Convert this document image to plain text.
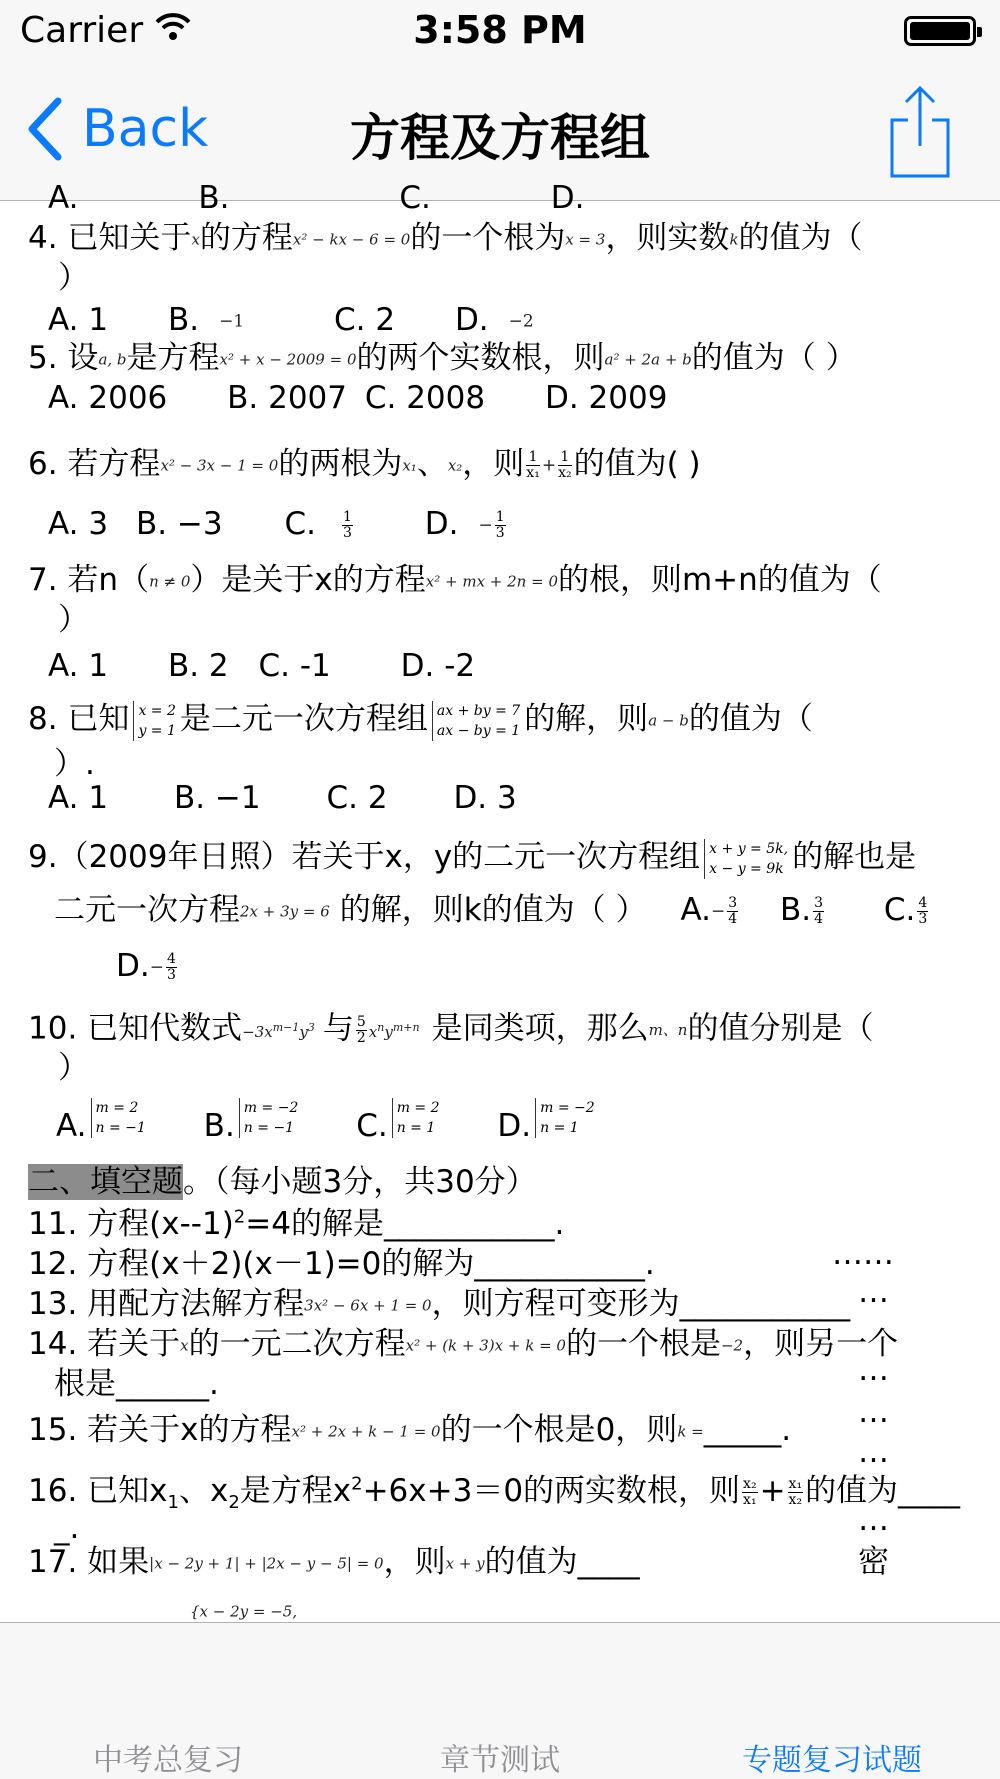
Carrier	3:58 PM
Back	方程及方程组
A.	B.	C.	D.
4. 已知关于x的方程x² − kx − 6 = 0的一个根为x = 3，则实数k的值为（
）
A. 1 B. −1	C. 2 D. −2
5. 设a, b是方程x² + x − 2009 = 0的两个实数根，则a² + 2a + b的值为（ ）
A. 2006 B. 2007 C. 2008 D. 2009
6. 若方程x² − 3x − 1 = 0的两根为x₁、x₂，则 $\frac{1}{\text{x₁}} + \frac{1}{\text{x₂}}$ 的值为( )
A. 3 B. −3 C. $\frac{1}{3} D$. − $\frac{1}{3}$
7. 若n（n ≠ 0）是关于x的方程x² + mx + 2n = 0的根，则m+n的值为（
）
A. 1 B. 2 C. -1 D. -2
8. 已知 x = 2
y = 1 是二元一次方程组 ax + by = 7
ax − by = 1 的解，则a − b的值为（
）.
A. 1 B. −1 C. 2 D. 3
9.（2009年日照）若关于x，y的二元一次方程组 x + y = 5k,
x − y = 9k 的解也是
二元一次方程2x + 3y = 6 的解，则k的值为（ ） $A.- \frac{3}{4} B$. $\frac{3}{4} C$. $\frac{4}{3}$
$D.- \frac{4}{3}$
10. 已知代数式$-3x^{m-1}y^3$ 与 $\frac{5}{2} x^ny^{m+n}$ 是同类项，那么m、n的值分别是（
）
A.
m = 2
n = −1 B.
m = −2
n = −1 C.
m = 2
n = 1 D.
m = −2
n = 1
二、填空题。（每小题3分，共30分）
11. 方程$(x--1)^2=4$的解是___________.
12. 方程(x＋2)(x－1)=0的解为___________.	……
13. 用配方法解方程3x² − 6x + 1 = 0，则方程可变形为___________ …
14. 若关于x的一元二次方程x² + (k + 3)x + k = 0的一个根是−2，则另一个
根是______.	…
15. 若关于x的方程x² + 2x + k − 1 = 0的一个根是0，则k =_____. …
…
16. 已知$x_1$、$x_2$是方程$x^2+6x+3=0$的两实数根，则 $\frac{\text{x₂}}{\text{x₁}} + \frac{\text{x₁}}{\text{x₂}}$ 的值为____
_.	…
17. 如果|x − 2y + 1| + |2x − y − 5| = 0，则x + y的值为____	密
{x − 2y = −5,
中考总复习	章节测试	专题复习试题
